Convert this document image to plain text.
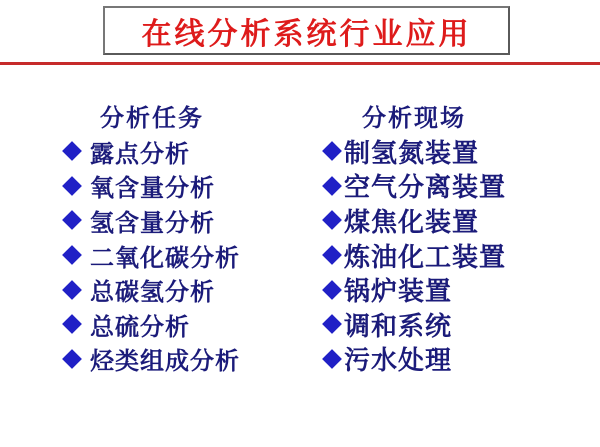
在线分析系统行业应用
分析任务
露点分析
氧含量分析
氢含量分析
二氧化碳分析
总碳氢分析
总硫分析
烃类组成分析
分析现场
制氢氮装置
空气分离装置
煤焦化装置
炼油化工装置
锅炉装置
调和系统
污水处理
